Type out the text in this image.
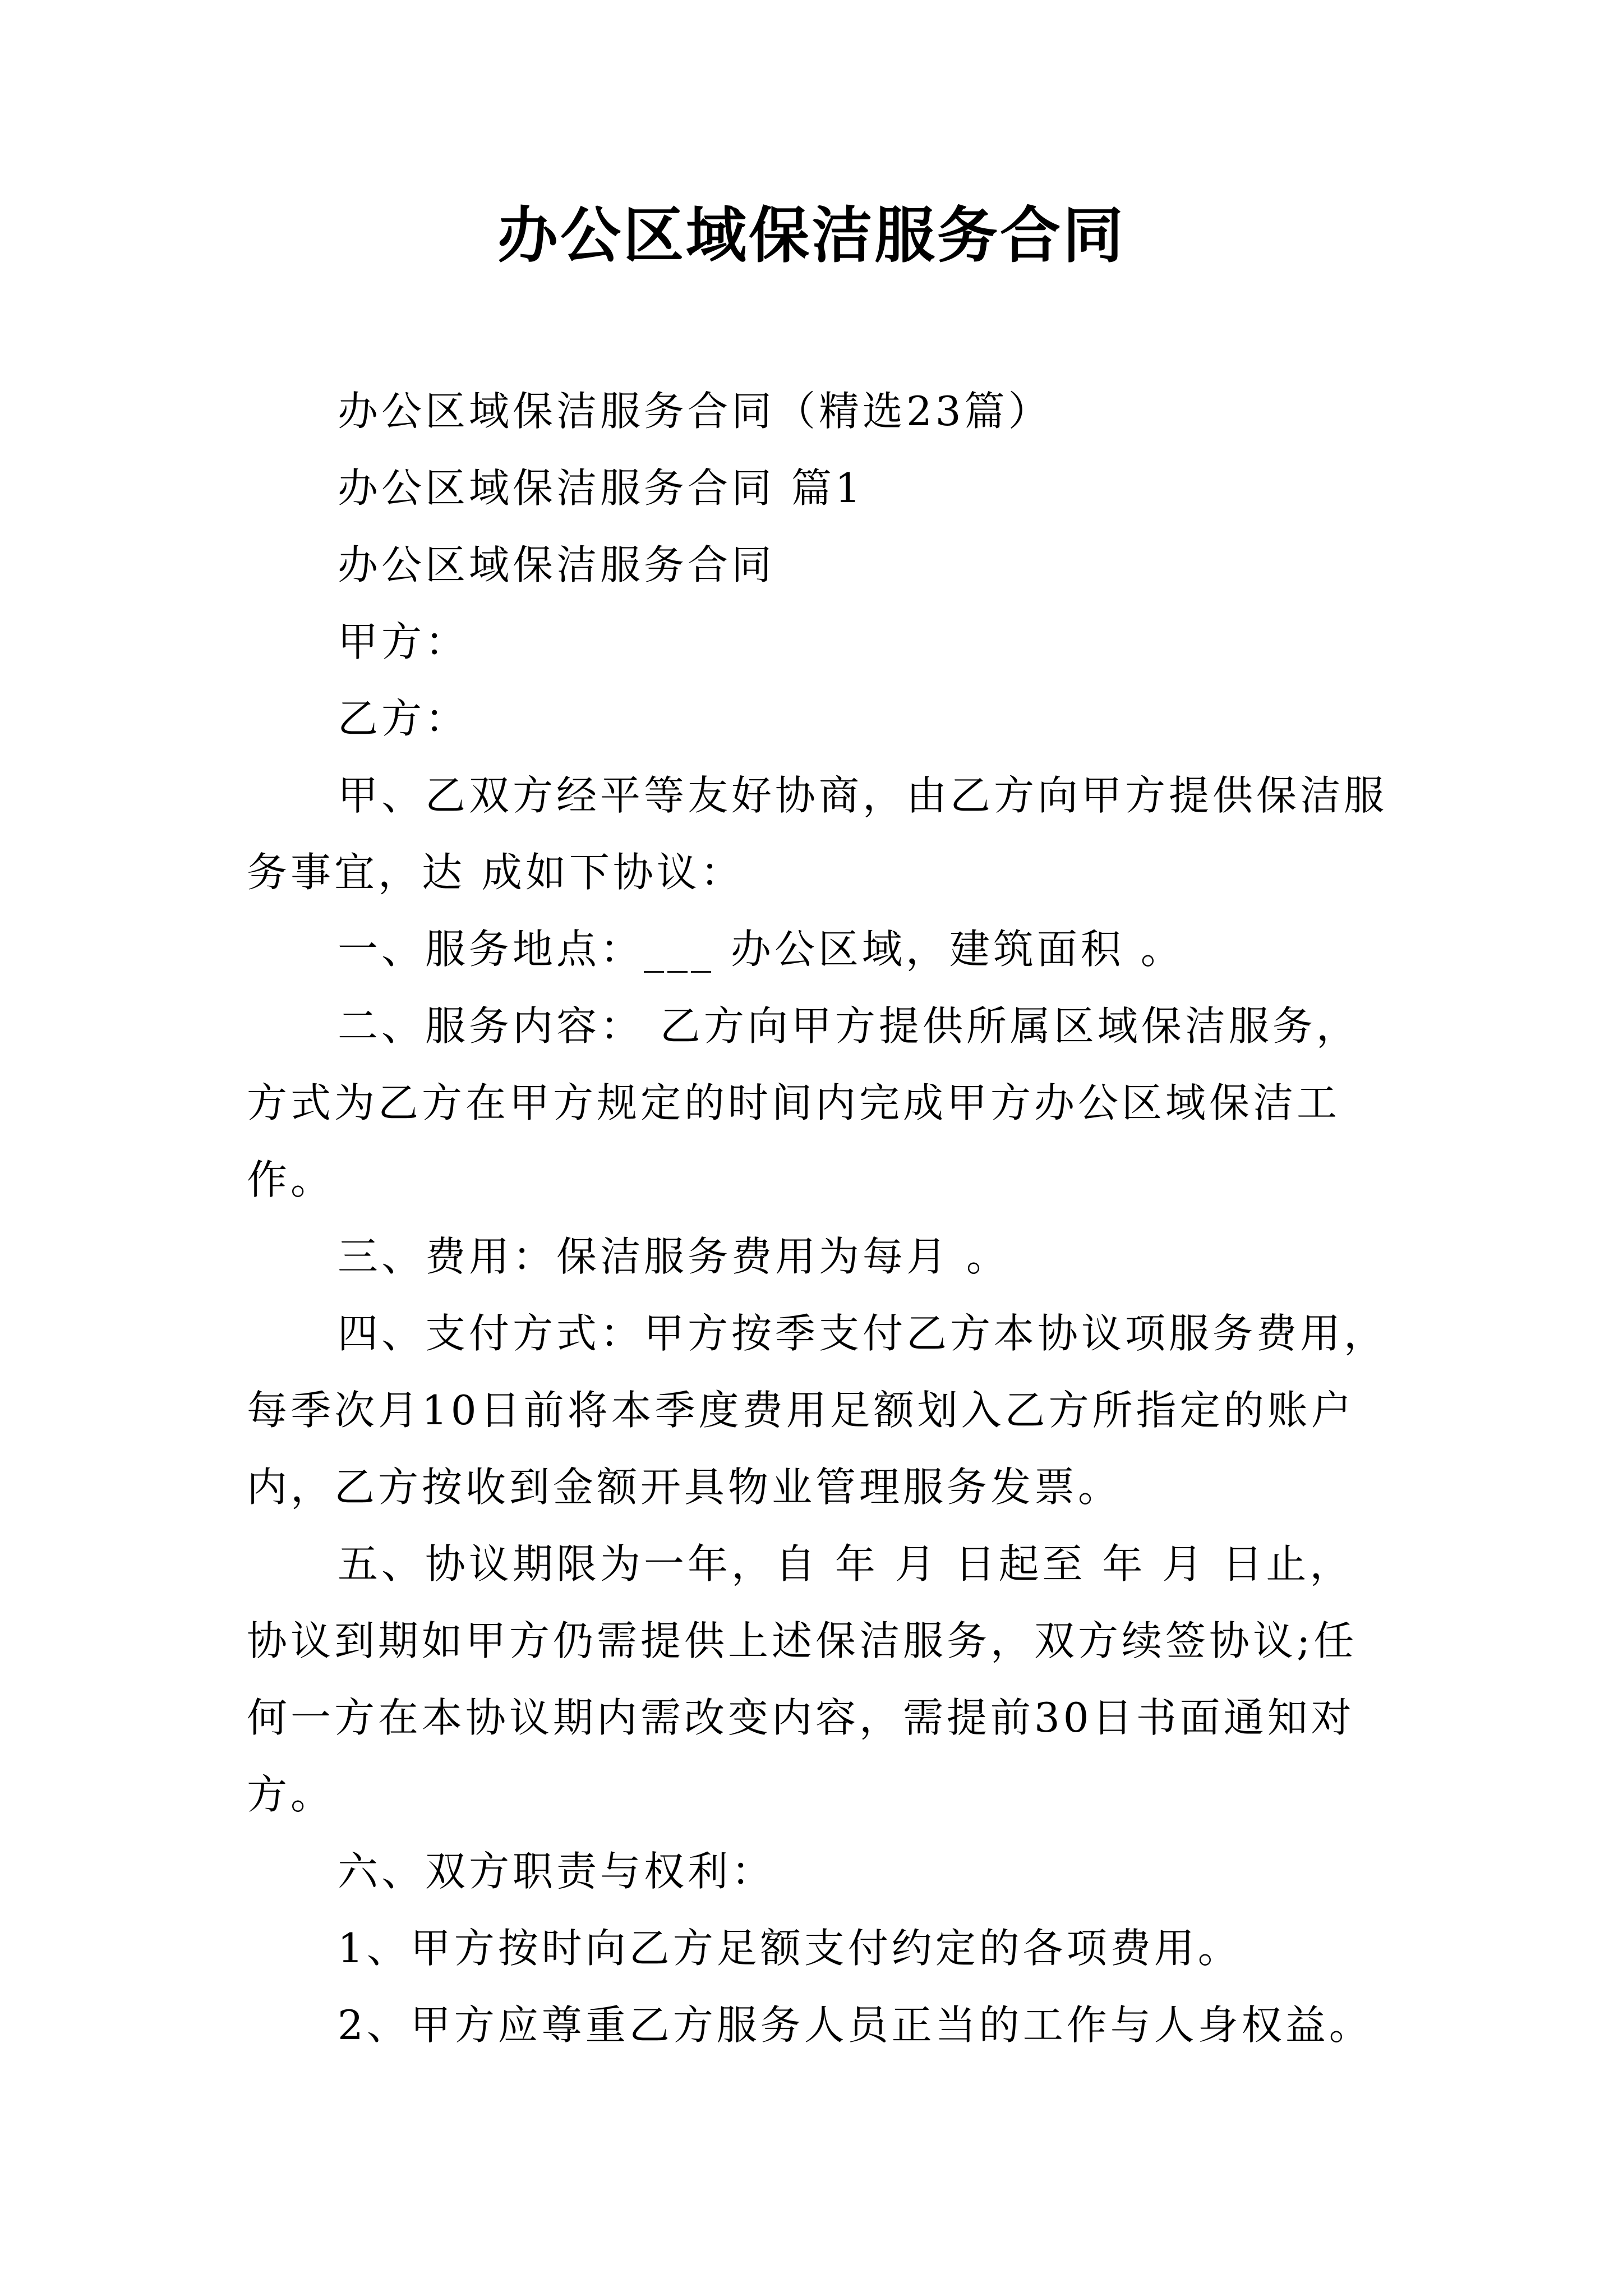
办公区域保洁服务合同

办公区域保洁服务合同（精选23篇）

办公区域保洁服务合同 篇1

办公区域保洁服务合同

甲方：

乙方：

甲、乙双方经平等友好协商，由乙方向甲方提供保洁服务事宜，达 成如下协议：

一、服务地点：___ 办公区域，建筑面积 。

二、服务内容： 乙方向甲方提供所属区域保洁服务，方式为乙方在甲方规定的时间内完成甲方办公区域保洁工作。

三、费用：保洁服务费用为每月 。

四、支付方式：甲方按季支付乙方本协议项服务费用，每季次月10日前将本季度费用足额划入乙方所指定的账户内，乙方按收到金额开具物业管理服务发票。

五、协议期限为一年，自 年 月 日起至 年 月 日止，协议到期如甲方仍需提供上述保洁服务，双方续签协议;任何一方在本协议期内需改变内容，需提前30日书面通知对方。

六、双方职责与权利：

1、甲方按时向乙方足额支付约定的各项费用。

2、甲方应尊重乙方服务人员正当的工作与人身权益。
